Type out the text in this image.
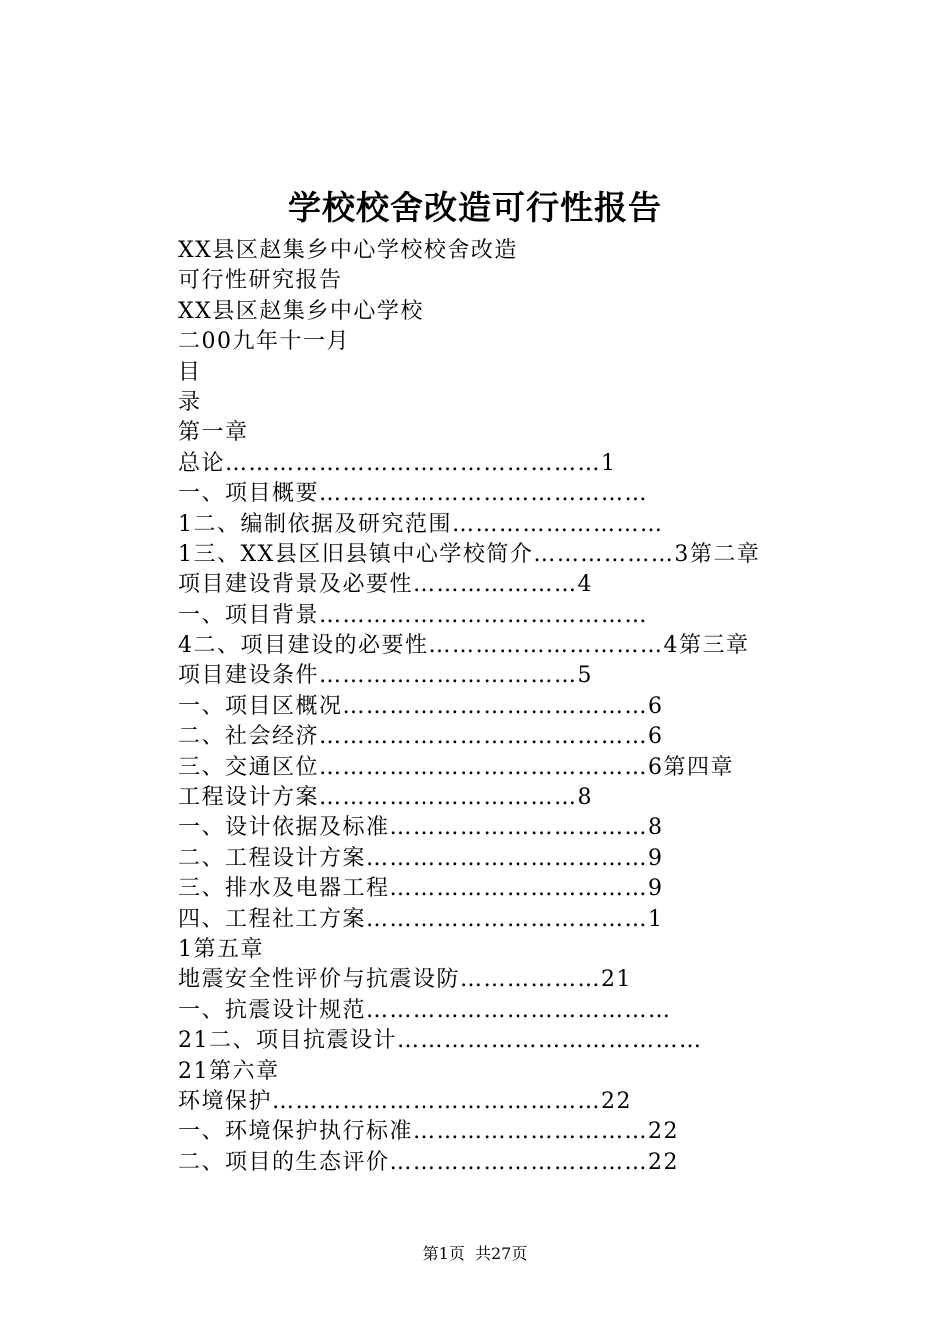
学校校舍改造可行性报告
XX县区赵集乡中心学校校舍改造
可行性研究报告
XX县区赵集乡中心学校
二00九年十一月
目
录
第一章
总论…………………………………………1
一、项目概要……………………………………
1二、编制依据及研究范围………………………
1三、XX县区旧县镇中心学校简介………………3第二章
项目建设背景及必要性…………………4
一、项目背景……………………………………
4二、项目建设的必要性…………………………4第三章
项目建设条件……………………………5
一、项目区概况…………………………………6
二、社会经济……………………………………6
三、交通区位……………………………………6第四章
工程设计方案……………………………8
一、设计依据及标准……………………………8
二、工程设计方案………………………………9
三、排水及电器工程……………………………9
四、工程社工方案………………………………1
1第五章
地震安全性评价与抗震设防………………21
一、抗震设计规范…………………………………
21二、项目抗震设计…………………………………
21第六章
环境保护……………………………………22
一、环境保护执行标准…………………………22
二、项目的生态评价……………………………22
第1页  共27页
